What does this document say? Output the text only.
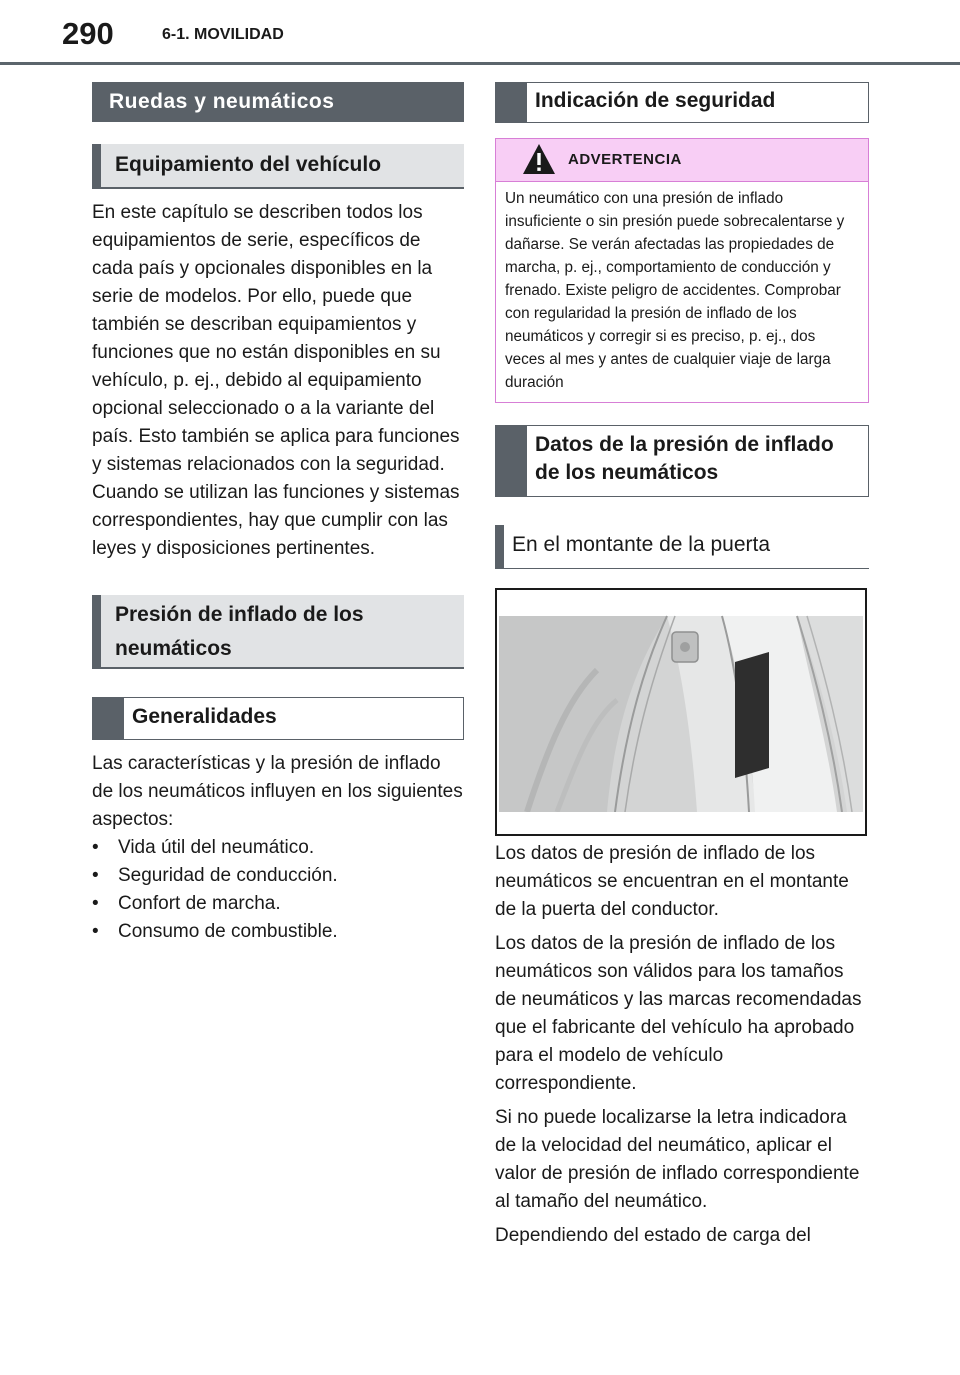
290	6-1. MOVILIDAD
Ruedas y neumáticos
Equipamiento del vehículo

En este capítulo se describen todos los equipamientos de serie, específicos de cada país y opcionales disponibles en la serie de modelos. Por ello, puede que también se describan equipamientos y funciones que no están disponibles en su vehículo, p. ej., debido al equipamiento opcional seleccionado o a la variante del país. Esto también se aplica para funciones y sistemas relacionados con la seguridad. Cuando se utilizan las funciones y sistemas correspondientes, hay que cumplir con las leyes y disposiciones pertinentes.

Presión de inflado de los neumáticos
Generalidades

Las características y la presión de inflado de los neumáticos influyen en los siguientes aspectos:

• Vida útil del neumático.
• Seguridad de conducción.
• Confort de marcha.
• Consumo de combustible.
Indicación de seguridad
ADVERTENCIA
Un neumático con una presión de inflado insuficiente o sin presión puede sobrecalentarse y dañarse. Se verán afectadas las propiedades de marcha, p. ej., comportamiento de conducción y frenado. Existe peligro de accidentes. Comprobar con regularidad la presión de inflado de los neumáticos y corregir si es preciso, p. ej., dos veces al mes y antes de cualquier viaje de larga duración
Datos de la presión de inflado de los neumáticos
En el montante de la puerta

Los datos de presión de inflado de los neumáticos se encuentran en el montante de la puerta del conductor.

Los datos de la presión de inflado de los neumáticos son válidos para los tamaños de neumáticos y las marcas recomendadas que el fabricante del vehículo ha aprobado para el modelo de vehículo correspondiente.

Si no puede localizarse la letra indicadora de la velocidad del neumático, aplicar el valor de presión de inflado correspondiente al tamaño del neumático.

Dependiendo del estado de carga del
